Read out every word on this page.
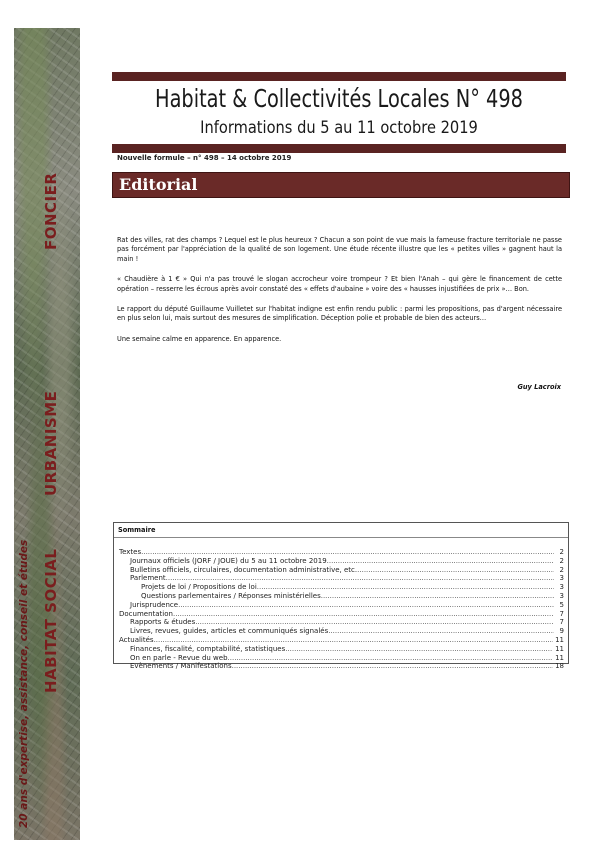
FONCIER
URBANISME
HABITAT SOCIAL
20 ans d'expertise, assistance, conseil et études
Habitat & Collectivités Locales N° 498
Informations du 5 au 11 octobre 2019
Nouvelle formule – n° 498 – 14 octobre 2019
Editorial

Rat des villes, rat des champs ? Lequel est le plus heureux ? Chacun a son point de vue mais la fameuse fracture territoriale ne passe pas forcément par l'appréciation de la qualité de son logement. Une étude récente illustre que les « petites villes » gagnent haut la main !

« Chaudière à 1 € » Qui n'a pas trouvé le slogan accrocheur voire trompeur ? Et bien l'Anah – qui gère le financement de cette opération – resserre les écrous après avoir constaté des « effets d'aubaine » voire des « hausses injustifiées de prix »… Bon.

Le rapport du député Guillaume Vuilletet sur l'habitat indigne est enfin rendu public : parmi les propositions, pas d'argent nécessaire en plus selon lui, mais surtout des mesures de simplification. Déception polie et probable de bien des acteurs…

Une semaine calme en apparence. En apparence.

Guy Lacroix
Sommaire
Textes .....	2
Journaux officiels (JORF / JOUE) du 5 au 11 octobre 2019 .....	2
Bulletins officiels, circulaires, documentation administrative, etc. .....	2
Parlement .....	3
Projets de loi / Propositions de loi .....	3
Questions parlementaires / Réponses ministérielles .....	3
Jurisprudence .....	5
Documentation .....	7
Rapports & études .....	7
Livres, revues, guides, articles et communiqués signalés .....	9
Actualités .....	11
Finances, fiscalité, comptabilité, statistiques .....	11
On en parle - Revue du web .....	11
Evènements / Manifestations .....	18
